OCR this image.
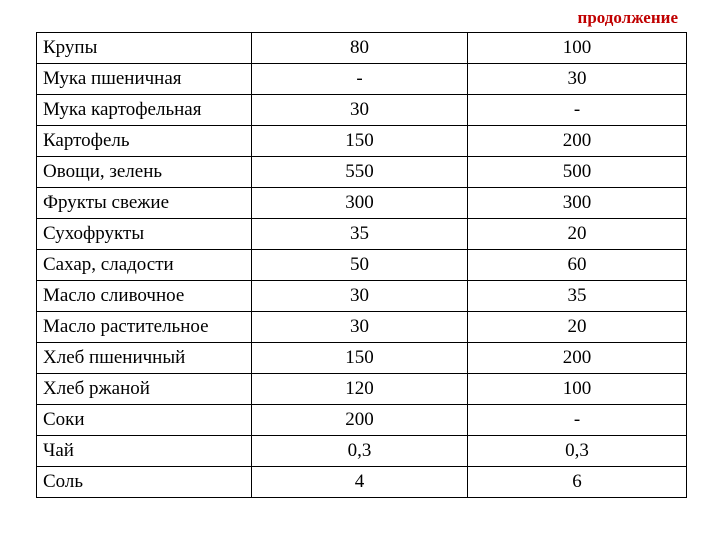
продолжение
Крупы	80	100
Мука пшеничная	-	30
Мука картофельная	30	-
Картофель	150	200
Овощи, зелень	550	500
Фрукты свежие	300	300
Сухофрукты	35	20
Сахар, сладости	50	60
Масло сливочное	30	35
Масло растительное	30	20
Хлеб пшеничный	150	200
Хлеб ржаной	120	100
Соки	200	-
Чай	0,3	0,3
Соль	4	6
